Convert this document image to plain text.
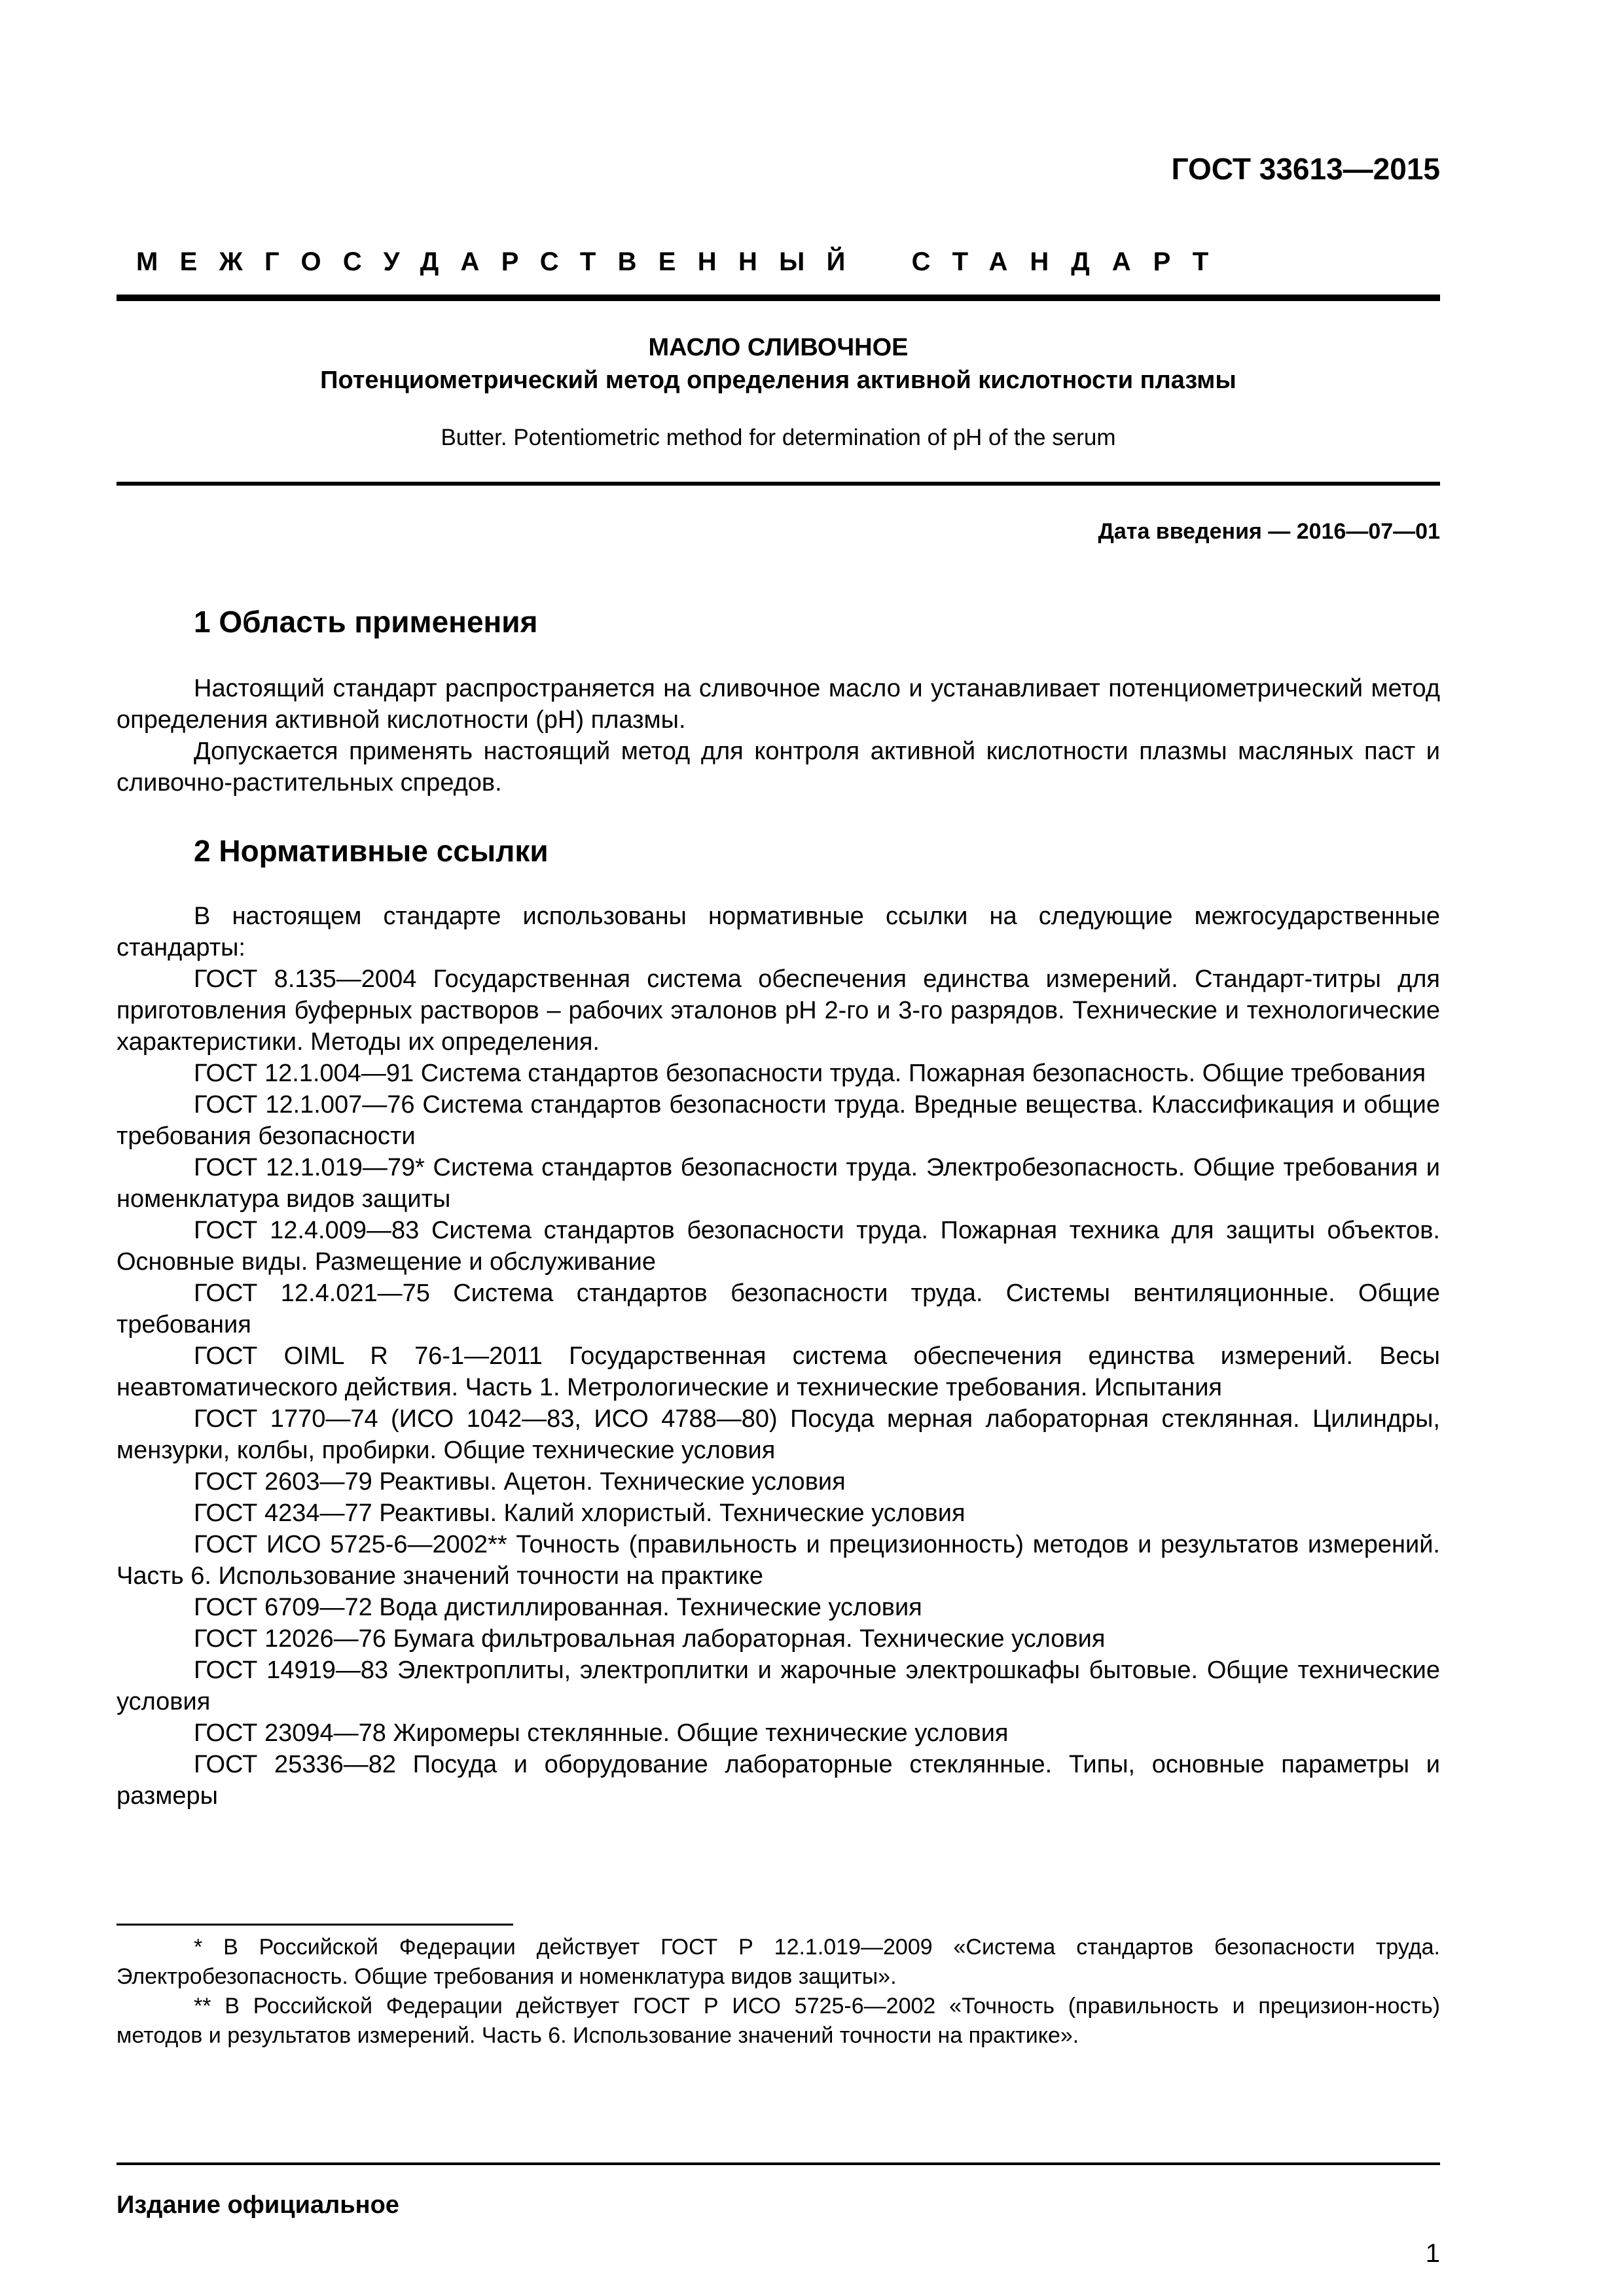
ГОСТ 33613—2015
МЕЖГОСУДАРСТВЕННЫЙ СТАНДАРТ
МАСЛО СЛИВОЧНОЕ
Потенциометрический метод определения активной кислотности плазмы
Butter. Potentiometric method for determination of pH of the serum
Дата введения — 2016—07—01
1 Область применения

Настоящий стандарт распространяется на сливочное масло и устанавливает потенциометрический метод определения активной кислотности (pH) плазмы.

Допускается применять настоящий метод для контроля активной кислотности плазмы масляных паст и сливочно-растительных спредов.

2 Нормативные ссылки

В настоящем стандарте использованы нормативные ссылки на следующие межгосударственные стандарты:

ГОСТ 8.135—2004 Государственная система обеспечения единства измерений. Стандарт-титры для приготовления буферных растворов – рабочих эталонов pH 2-го и 3-го разрядов. Технические и технологические характеристики. Методы их определения.

ГОСТ 12.1.004—91 Система стандартов безопасности труда. Пожарная безопасность. Общие требования

ГОСТ 12.1.007—76 Система стандартов безопасности труда. Вредные вещества. Классификация и общие требования безопасности

ГОСТ 12.1.019—79* Система стандартов безопасности труда. Электробезопасность. Общие требования и номенклатура видов защиты

ГОСТ 12.4.009—83 Система стандартов безопасности труда. Пожарная техника для защиты объектов. Основные виды. Размещение и обслуживание

ГОСТ 12.4.021—75 Система стандартов безопасности труда. Системы вентиляционные. Общие требования

ГОСТ OIML R 76-1—2011 Государственная система обеспечения единства измерений. Весы неавтоматического действия. Часть 1. Метрологические и технические требования. Испытания

ГОСТ 1770—74 (ИСО 1042—83, ИСО 4788—80) Посуда мерная лабораторная стеклянная. Цилиндры, мензурки, колбы, пробирки. Общие технические условия

ГОСТ 2603—79 Реактивы. Ацетон. Технические условия

ГОСТ 4234—77 Реактивы. Калий хлористый. Технические условия

ГОСТ ИСО 5725-6—2002** Точность (правильность и прецизионность) методов и результатов измерений. Часть 6. Использование значений точности на практике

ГОСТ 6709—72 Вода дистиллированная. Технические условия

ГОСТ 12026—76 Бумага фильтровальная лабораторная. Технические условия

ГОСТ 14919—83 Электроплиты, электроплитки и жарочные электрошкафы бытовые. Общие технические условия

ГОСТ 23094—78 Жиромеры стеклянные. Общие технические условия

ГОСТ 25336—82 Посуда и оборудование лабораторные стеклянные. Типы, основные параметры и размеры

* В Российской Федерации действует ГОСТ Р 12.1.019—2009 «Система стандартов безопасности труда. Электробезопасность. Общие требования и номенклатура видов защиты».

** В Российской Федерации действует ГОСТ Р ИСО 5725-6—2002 «Точность (правильность и прецизион-ность) методов и результатов измерений. Часть 6. Использование значений точности на практике».

Издание официальное
1
